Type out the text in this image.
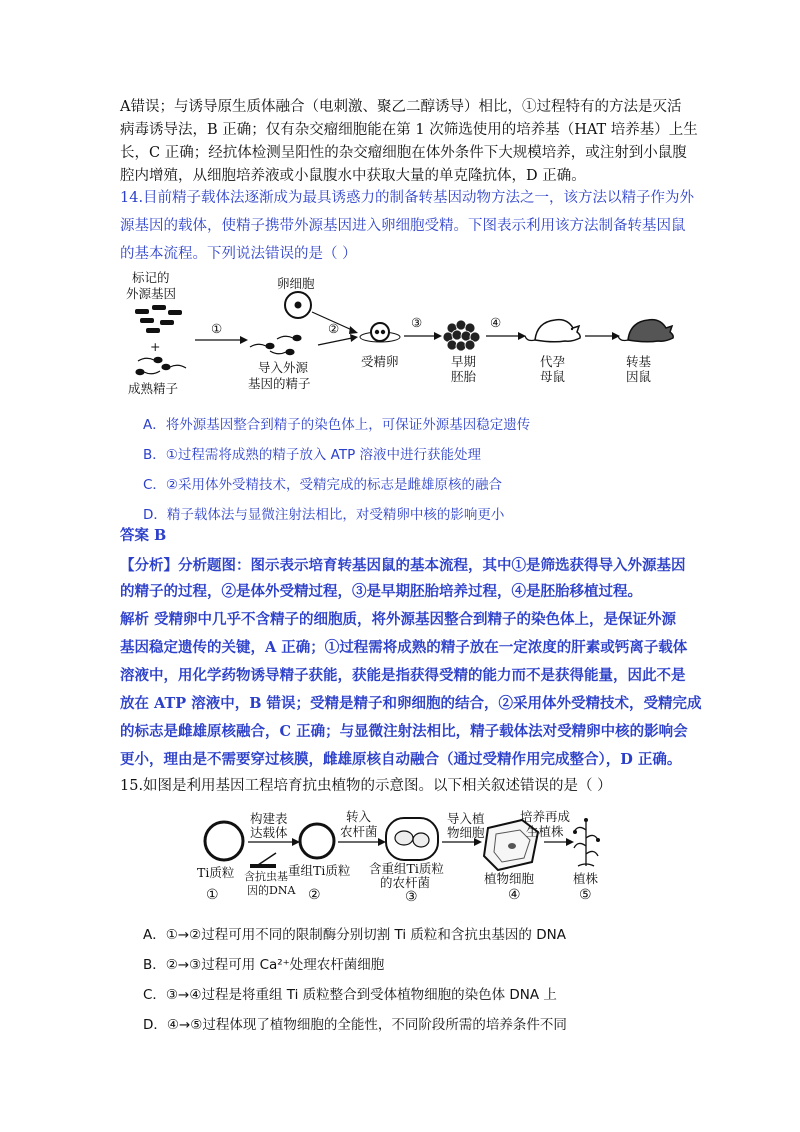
A错误；与诱导原生质体融合（电刺激、聚乙二醇诱导）相比，①过程特有的方法是灭活
病毒诱导法，B 正确；仅有杂交瘤细胞能在第 1 次筛选使用的培养基（HAT 培养基）上生
长，C 正确；经抗体检测呈阳性的杂交瘤细胞在体外条件下大规模培养，或注射到小鼠腹
腔内增殖，从细胞培养液或小鼠腹水中获取大量的单克隆抗体，D 正确。
14.目前精子载体法逐渐成为最具诱惑力的制备转基因动物方法之一，该方法以精子作为外
源基因的载体，使精子携带外源基因进入卵细胞受精。下图表示利用该方法制备转基因鼠
的基本流程。下列说法错误的是（ ）
标记的
外源基因
+
成熟精子
①
导入外源
基因的精子
卵细胞
②
受精卵
③
早期
胚胎
④
代孕
母鼠
转基
因鼠
A．将外源基因整合到精子的染色体上，可保证外源基因稳定遗传
B．①过程需将成熟的精子放入 ATP 溶液中进行获能处理
C．②采用体外受精技术，受精完成的标志是雌雄原核的融合
D．精子载体法与显微注射法相比，对受精卵中核的影响更小
答案 B
【分析】分析题图：图示表示培育转基因鼠的基本流程，其中①是筛选获得导入外源基因
的精子的过程，②是体外受精过程，③是早期胚胎培养过程，④是胚胎移植过程。
解析 受精卵中几乎不含精子的细胞质，将外源基因整合到精子的染色体上，是保证外源
基因稳定遗传的关键，A 正确；①过程需将成熟的精子放在一定浓度的肝素或钙离子载体
溶液中，用化学药物诱导精子获能，获能是指获得受精的能力而不是获得能量，因此不是
放在 ATP 溶液中，B 错误；受精是精子和卵细胞的结合，②采用体外受精技术，受精完成
的标志是雌雄原核融合，C 正确；与显微注射法相比，精子载体法对受精卵中核的影响会
更小，理由是不需要穿过核膜，雌雄原核自动融合（通过受精作用完成整合），D 正确。
15.如图是利用基因工程培育抗虫植物的示意图。以下相关叙述错误的是（ ）
Ti质粒
①
含抗虫基
因的DNA
构建表
达载体
重组Ti质粒
②
转入
农杆菌
含重组Ti质粒
的农杆菌
③
导入植
物细胞
植物细胞
④
培养再成
生植株
植株
⑤
A．①→②过程可用不同的限制酶分别切割 Ti 质粒和含抗虫基因的 DNA
B．②→③过程可用 Ca²⁺处理农杆菌细胞
C．③→④过程是将重组 Ti 质粒整合到受体植物细胞的染色体 DNA 上
D．④→⑤过程体现了植物细胞的全能性，不同阶段所需的培养条件不同
